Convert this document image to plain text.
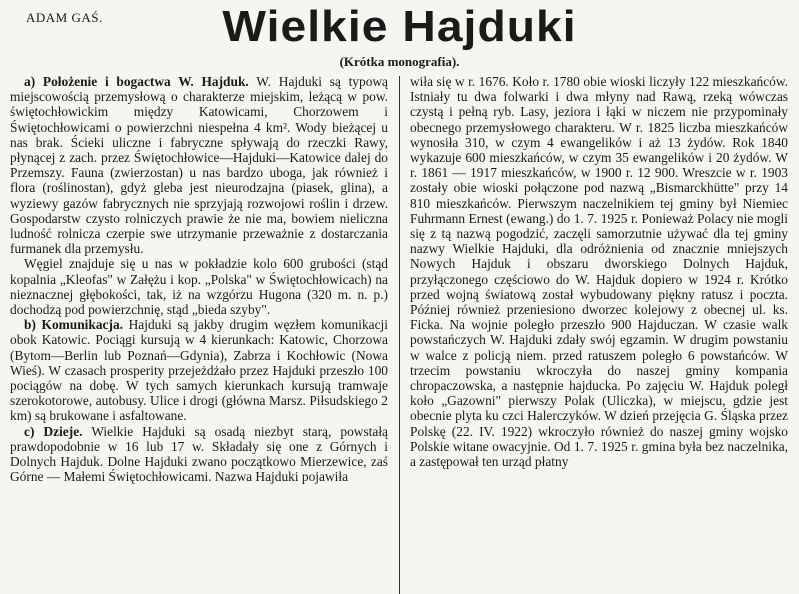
ADAM GAŚ.	Wielkie Hajduki
(Krótka monografia).

a) Położenie i bogactwa W. Hajduk. W. Hajduki są typową miejscowością przemysłową o charakterze miejskim, leżącą w pow. świętochłowickim między Katowicami, Chorzowem i Świętochłowicami o powierzchni niespełna 4 km². Wody bieżącej u nas brak. Ścieki uliczne i fabryczne spływają do rzeczki Rawy, płynącej z zach. przez Świętochłowice—Hajduki—Katowice dalej do Przemszy. Fauna (zwierzostan) u nas bardzo uboga, jak również i flora (roślinostan), gdyż gleba jest nieurodzajna (piasek, glina), a wyziewy gazów fabrycznych nie sprzyjają rozwojowi roślin i drzew. Gospodarstw czysto rolniczych prawie że nie ma, bowiem nieliczna ludność rolnicza czerpie swe utrzymanie przeważnie z dostarczania furmanek dla przemysłu.

Węgiel znajduje się u nas w pokładzie kolo 600 grubości (stąd kopalnia „Kleofas" w Załężu i kop. „Polska" w Świętochłowicach) na nieznacznej głębokości, tak, iż na wzgórzu Hugona (320 m. n. p.) dochodzą pod powierzchnię, stąd „bieda szyby".

b) Komunikacja. Hajduki są jakby drugim węzłem komunikacji obok Katowic. Pociągi kursują w 4 kierunkach: Katowic, Chorzowa (Bytom—Berlin lub Poznań—Gdynia), Zabrza i Kochłowic (Nowa Wieś). W czasach prosperity przejeżdżało przez Hajduki przeszło 100 pociągów na dobę. W tych samych kierunkach kursują tramwaje szerokotorowe, autobusy. Ulice i drogi (główna Marsz. Piłsudskiego 2 km) są brukowane i asfaltowane.

c) Dzieje. Wielkie Hajduki są osadą niezbyt starą, powstałą prawdopodobnie w 16 lub 17 w. Składały się one z Górnych i Dolnych Hajduk. Dolne Hajduki zwano początkowo Mierzewice, zaś Górne — Małemi Świętochłowicami. Nazwa Hajduki pojawiła

wiła się w r. 1676. Koło r. 1780 obie wioski liczyły 122 mieszkańców. Istniały tu dwa folwarki i dwa młyny nad Rawą, rzeką wówczas czystą i pełną ryb. Lasy, jeziora i łąki w niczem nie przypominały obecnego przemysłowego charakteru. W r. 1825 liczba mieszkańców wynosiła 310, w czym 4 ewangelików i aż 13 żydów. Rok 1840 wykazuje 600 mieszkańców, w czym 35 ewangelików i 20 żydów. W r. 1861 — 1917 mieszkańców, w 1900 r. 12 900. Wreszcie w r. 1903 zostały obie wioski połączone pod nazwą „Bismarckhütte" przy 14 810 mieszkańców. Pierwszym naczelnikiem tej gminy był Niemiec Fuhrmann Ernest (ewang.) do 1. 7. 1925 r. Ponieważ Polacy nie mogli się z tą nazwą pogodzić, zaczęli samorzutnie używać dla tej gminy nazwy Wielkie Hajduki, dla odróżnienia od znacznie mniejszych Nowych Hajduk i obszaru dworskiego Dolnych Hajduk, przyłączonego częściowo do W. Hajduk dopiero w 1924 r. Krótko przed wojną światową został wybudowany piękny ratusz i poczta. Później również przeniesiono dworzec kolejowy z obecnej ul. ks. Ficka. Na wojnie poległo przeszło 900 Hajduczan. W czasie walk powstańczych W. Hajduki zdały swój egzamin. W drugim powstaniu w walce z policją niem. przed ratuszem poległo 6 powstańców. W trzecim powstaniu wkroczyła do naszej gminy kompania chropaczowska, a następnie hajducka. Po zajęciu W. Hajduk poległ koło „Gazowni" pierwszy Polak (Uliczka), w miejscu, gdzie jest obecnie plyta ku czci Halerczyków. W dzień przejęcia G. Śląska przez Polskę (22. IV. 1922) wkroczyło również do naszej gminy wojsko Polskie witane owacyjnie. Od 1. 7. 1925 r. gmina była bez naczelnika, a zastępował ten urząd płatny
